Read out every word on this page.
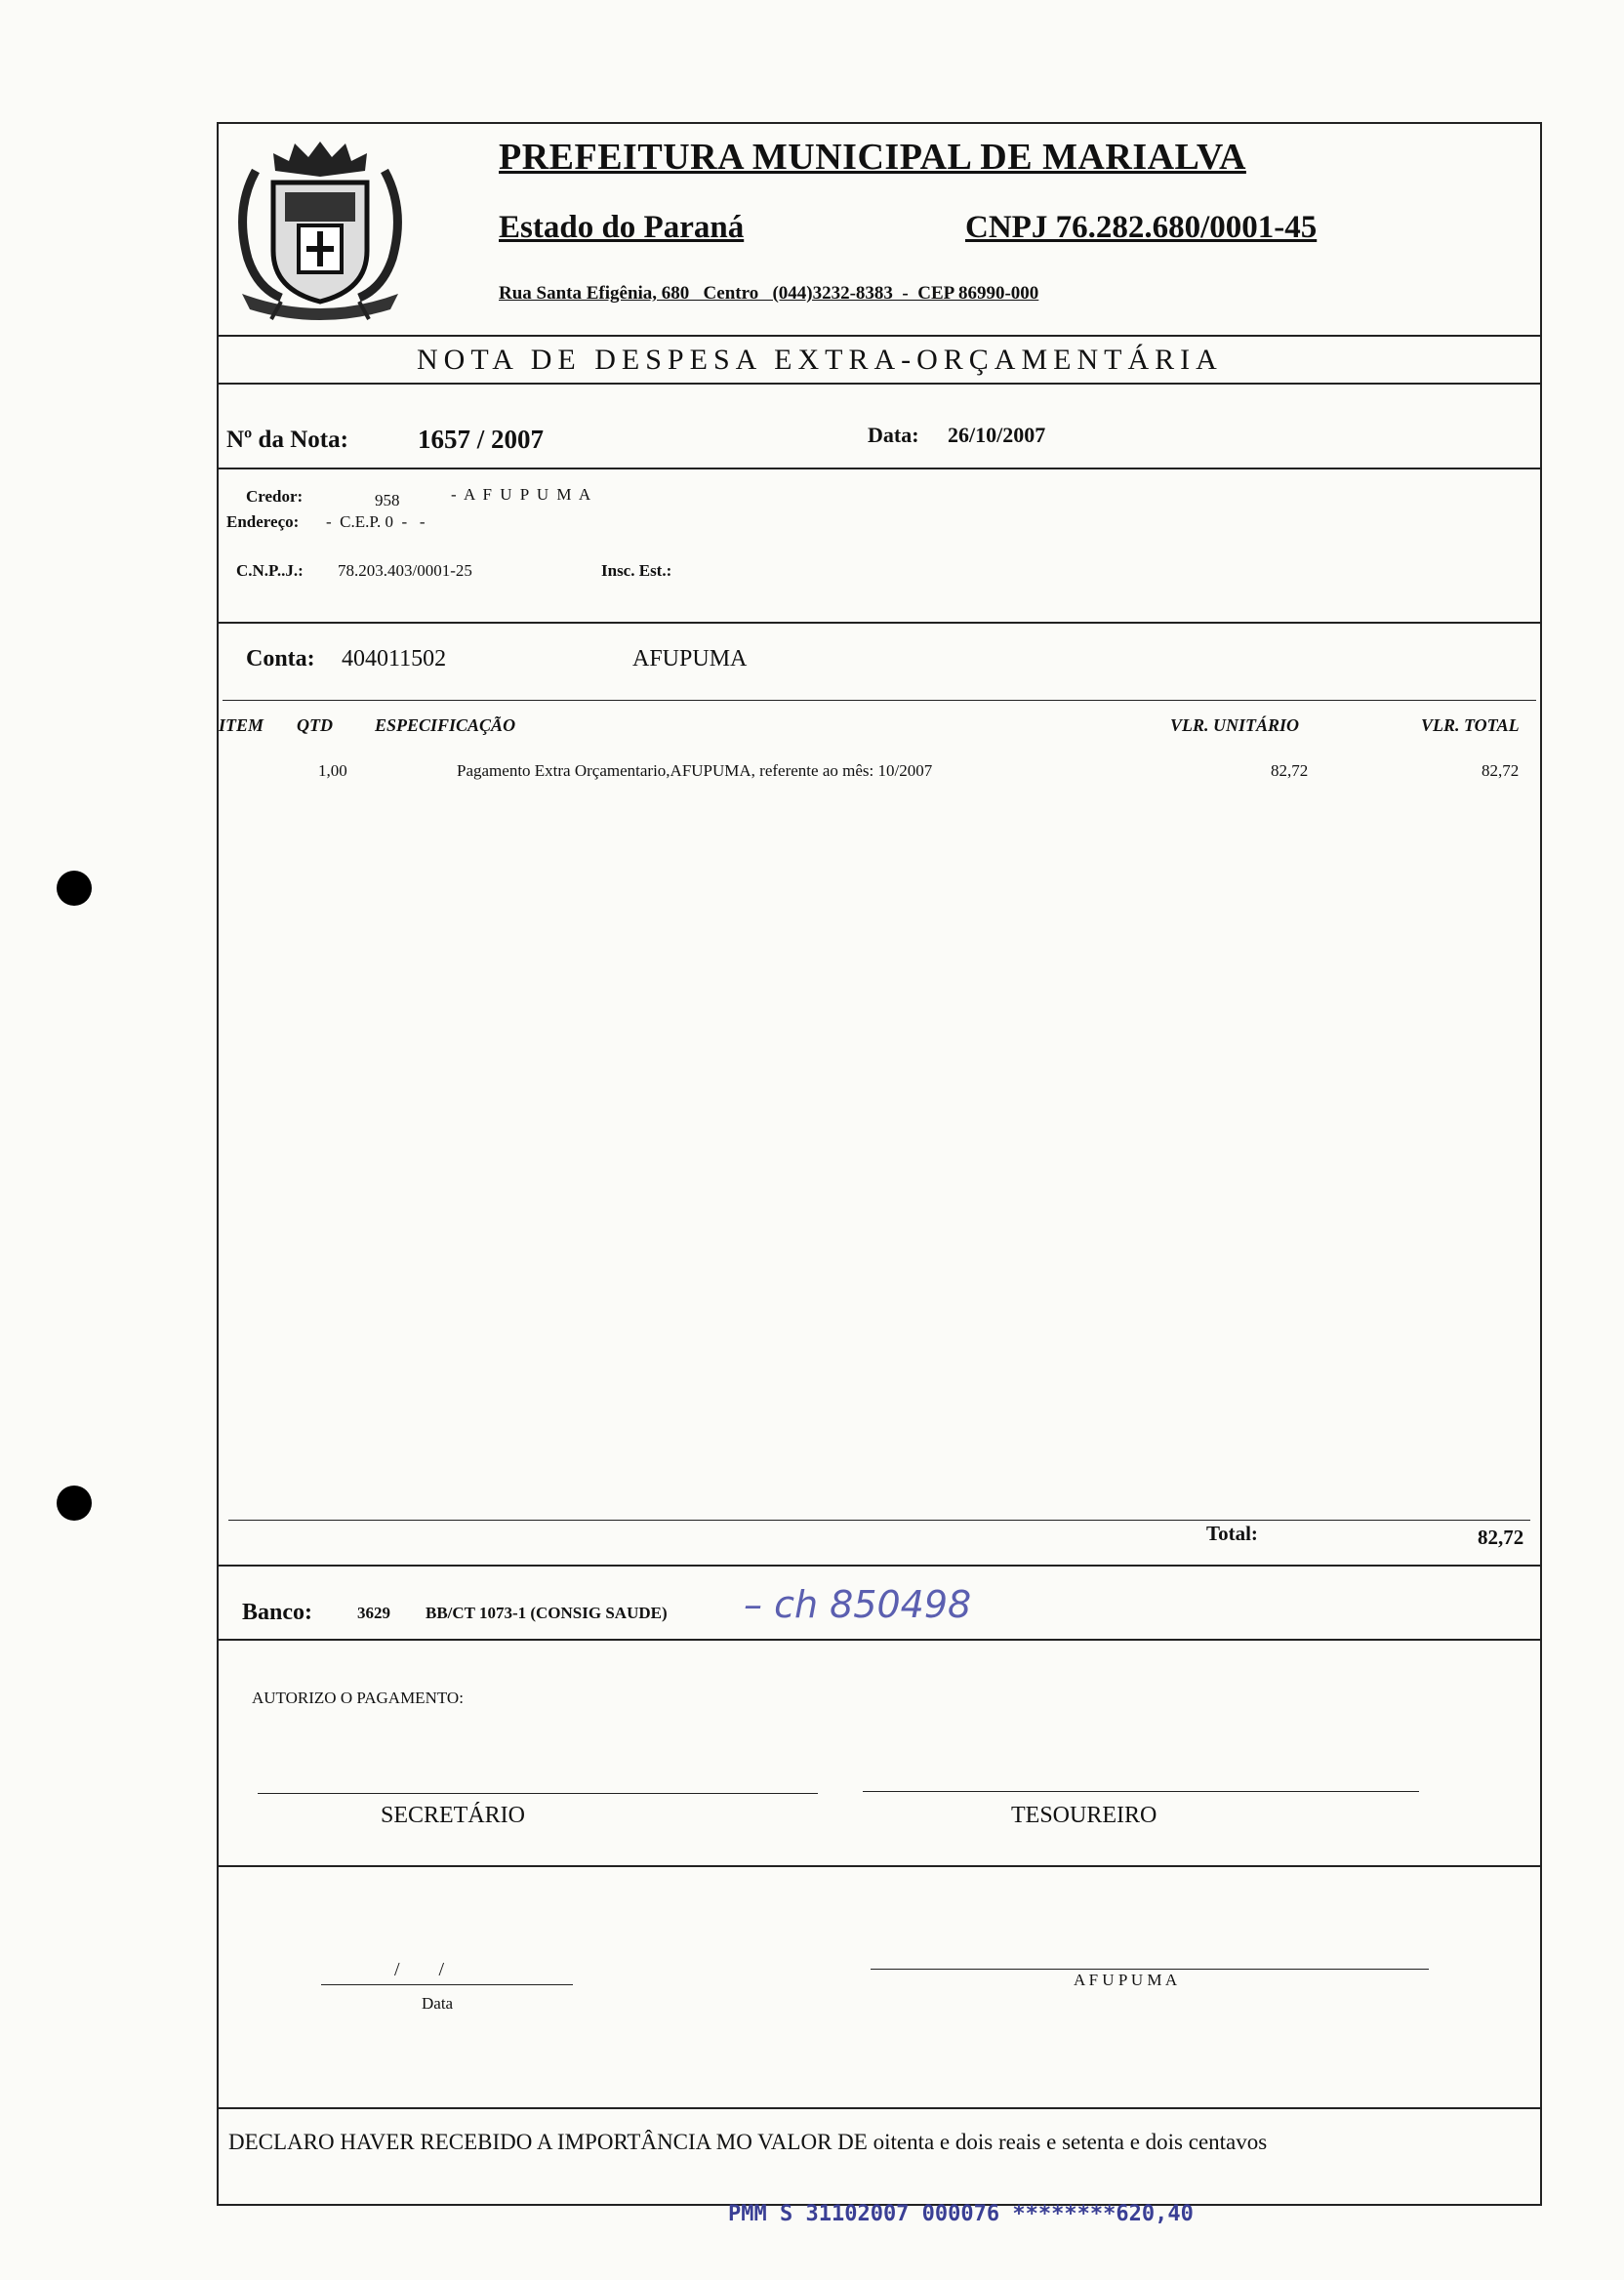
PREFEITURA MUNICIPAL DE MARIALVA
Estado do Paraná	CNPJ 76.282.680/0001-45
Rua Santa Efigênia, 680   Centro   (044)3232-8383  -  CEP 86990-000
NOTA DE DESPESA EXTRA-ORÇAMENTÁRIA
Nº da Nota:	1657 / 2007	Data: 26/10/2007
Credor:	958	- A F U P U M A
Endereço: -  C.E.P. 0  -   -
C.N.P..J.: 78.203.403/0001-25	Insc. Est.:
Conta: 404011502	AFUPUMA
ITEM QTD ESPECIFICAÇÃO	VLR. UNITÁRIO	VLR. TOTAL
1,00	Pagamento Extra Orçamentario,AFUPUMA, referente ao mês: 10/2007	82,72	82,72
Total:	82,72
Banco:	3629 BB/CT 1073-1 (CONSIG SAUDE) – ch 850498
AUTORIZO O PAGAMENTO:
SECRETÁRIO	TESOUREIRO
/        /
Data
A F U P U M A
DECLARO HAVER RECEBIDO A IMPORTÂNCIA MO VALOR DE oitenta e dois reais e setenta e dois centavos
PMM S 31102007 000076 ********620,40
